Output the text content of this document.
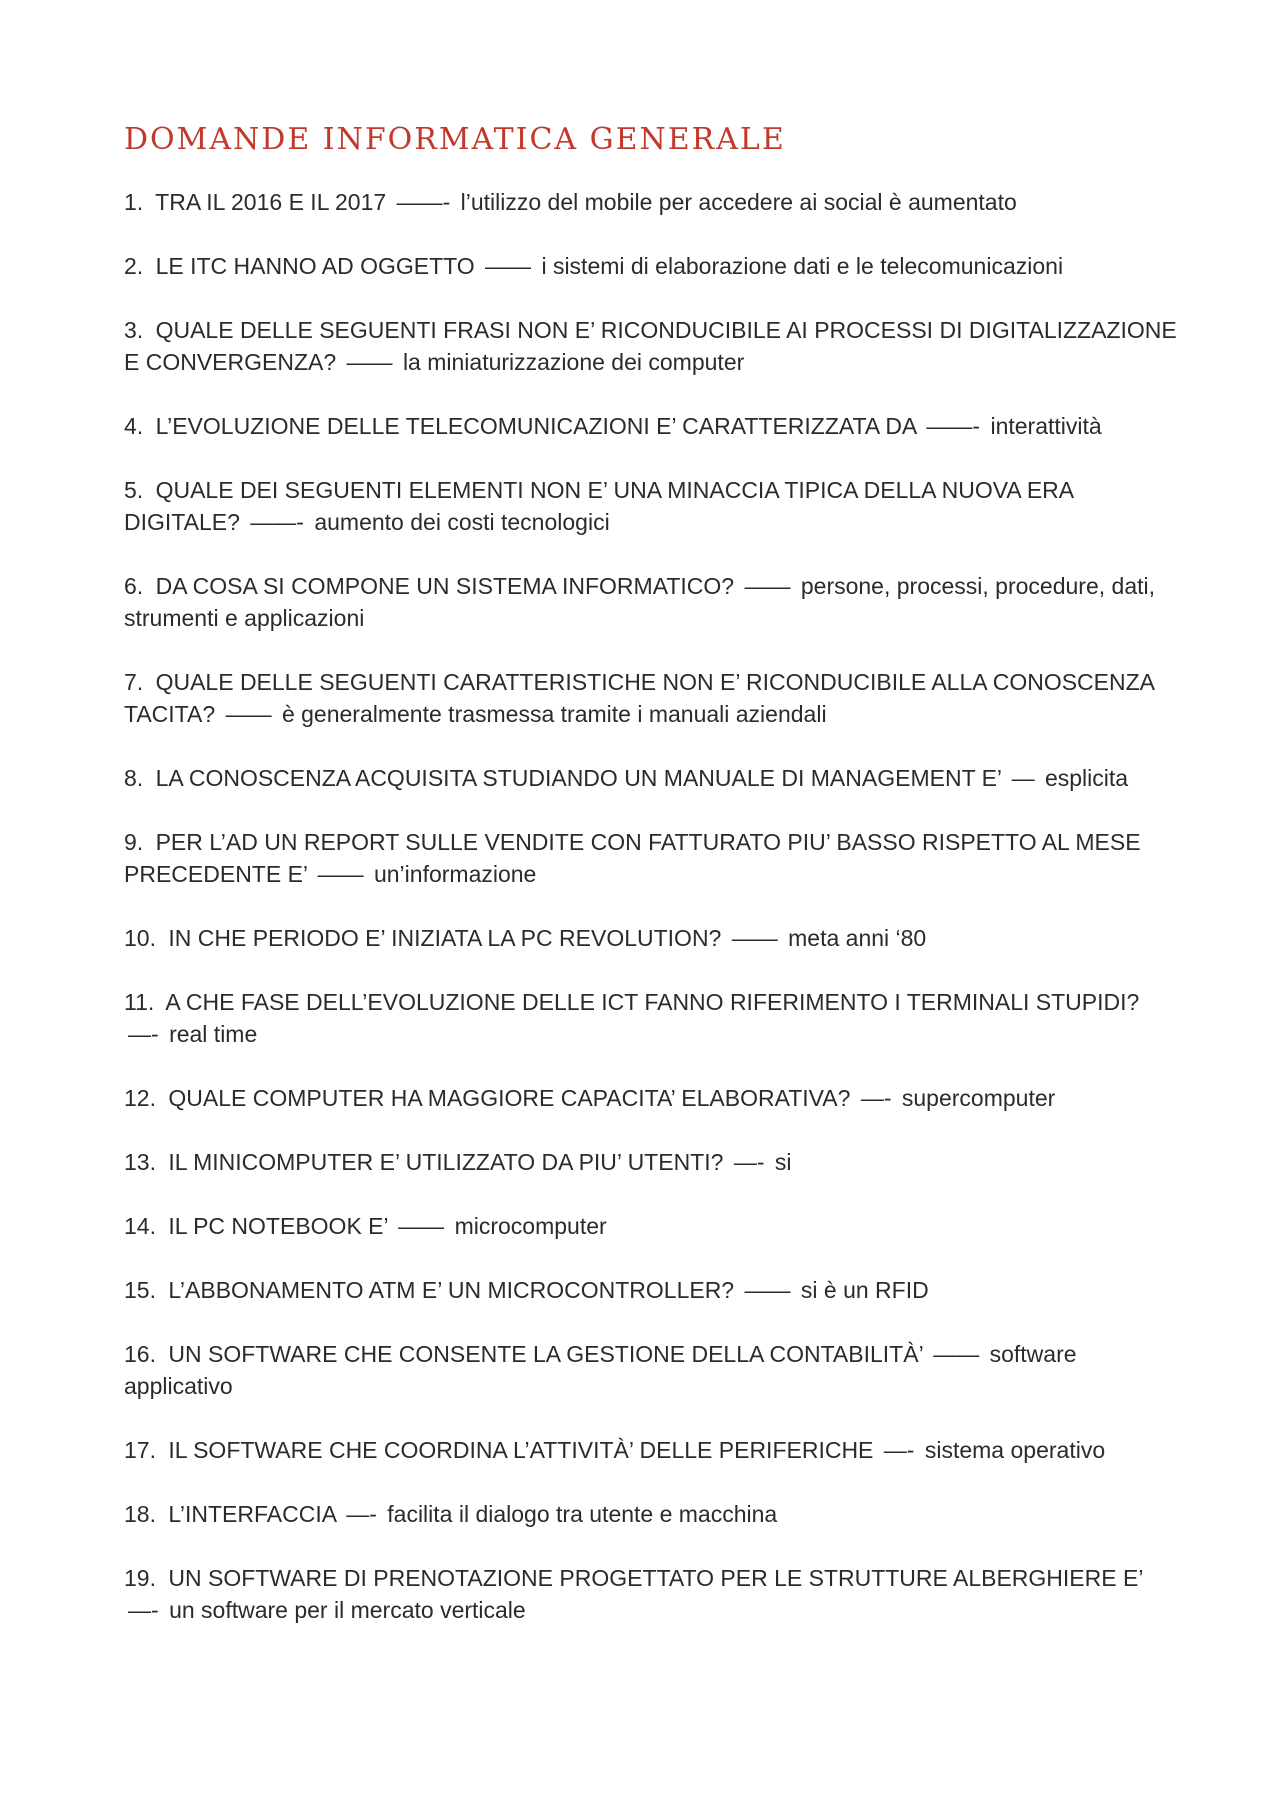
DOMANDE INFORMATICA GENERALE
1. TRA IL 2016 E IL 2017 ——- l’utilizzo del mobile per accedere ai social è aumentato
2. LE ITC HANNO AD OGGETTO —— i sistemi di elaborazione dati e le telecomunicazioni
3. QUALE DELLE SEGUENTI FRASI NON E’ RICONDUCIBILE AI PROCESSI DI DIGITALIZZAZIONE E CONVERGENZA? —— la miniaturizzazione dei computer
4. L’EVOLUZIONE DELLE TELECOMUNICAZIONI E’ CARATTERIZZATA DA ——- interattività
5. QUALE DEI SEGUENTI ELEMENTI NON E’ UNA MINACCIA TIPICA DELLA NUOVA ERA DIGITALE? ——- aumento dei costi tecnologici
6. DA COSA SI COMPONE UN SISTEMA INFORMATICO? —— persone, processi, procedure, dati, strumenti e applicazioni
7. QUALE DELLE SEGUENTI CARATTERISTICHE NON E’ RICONDUCIBILE ALLA CONOSCENZA TACITA? —— è generalmente trasmessa tramite i manuali aziendali
8. LA CONOSCENZA ACQUISITA STUDIANDO UN MANUALE DI MANAGEMENT E’ — esplicita
9. PER L’AD UN REPORT SULLE VENDITE CON FATTURATO PIU’ BASSO RISPETTO AL MESE PRECEDENTE E’ —— un’informazione
10. IN CHE PERIODO E’ INIZIATA LA PC REVOLUTION? —— meta anni ‘80
11. A CHE FASE DELL’EVOLUZIONE DELLE ICT FANNO RIFERIMENTO I TERMINALI STUPIDI? —- real time
12. QUALE COMPUTER HA MAGGIORE CAPACITA’ ELABORATIVA? —- supercomputer
13. IL MINICOMPUTER E’ UTILIZZATO DA PIU’ UTENTI? —- si
14. IL PC NOTEBOOK E’ —— microcomputer
15. L’ABBONAMENTO ATM E’ UN MICROCONTROLLER? —— si è un RFID
16. UN SOFTWARE CHE CONSENTE LA GESTIONE DELLA CONTABILITÀ’ —— software applicativo
17. IL SOFTWARE CHE COORDINA L’ATTIVITÀ’ DELLE PERIFERICHE —- sistema operativo
18. L’INTERFACCIA —- facilita il dialogo tra utente e macchina
19. UN SOFTWARE DI PRENOTAZIONE PROGETTATO PER LE STRUTTURE ALBERGHIERE E’ —- un software per il mercato verticale
